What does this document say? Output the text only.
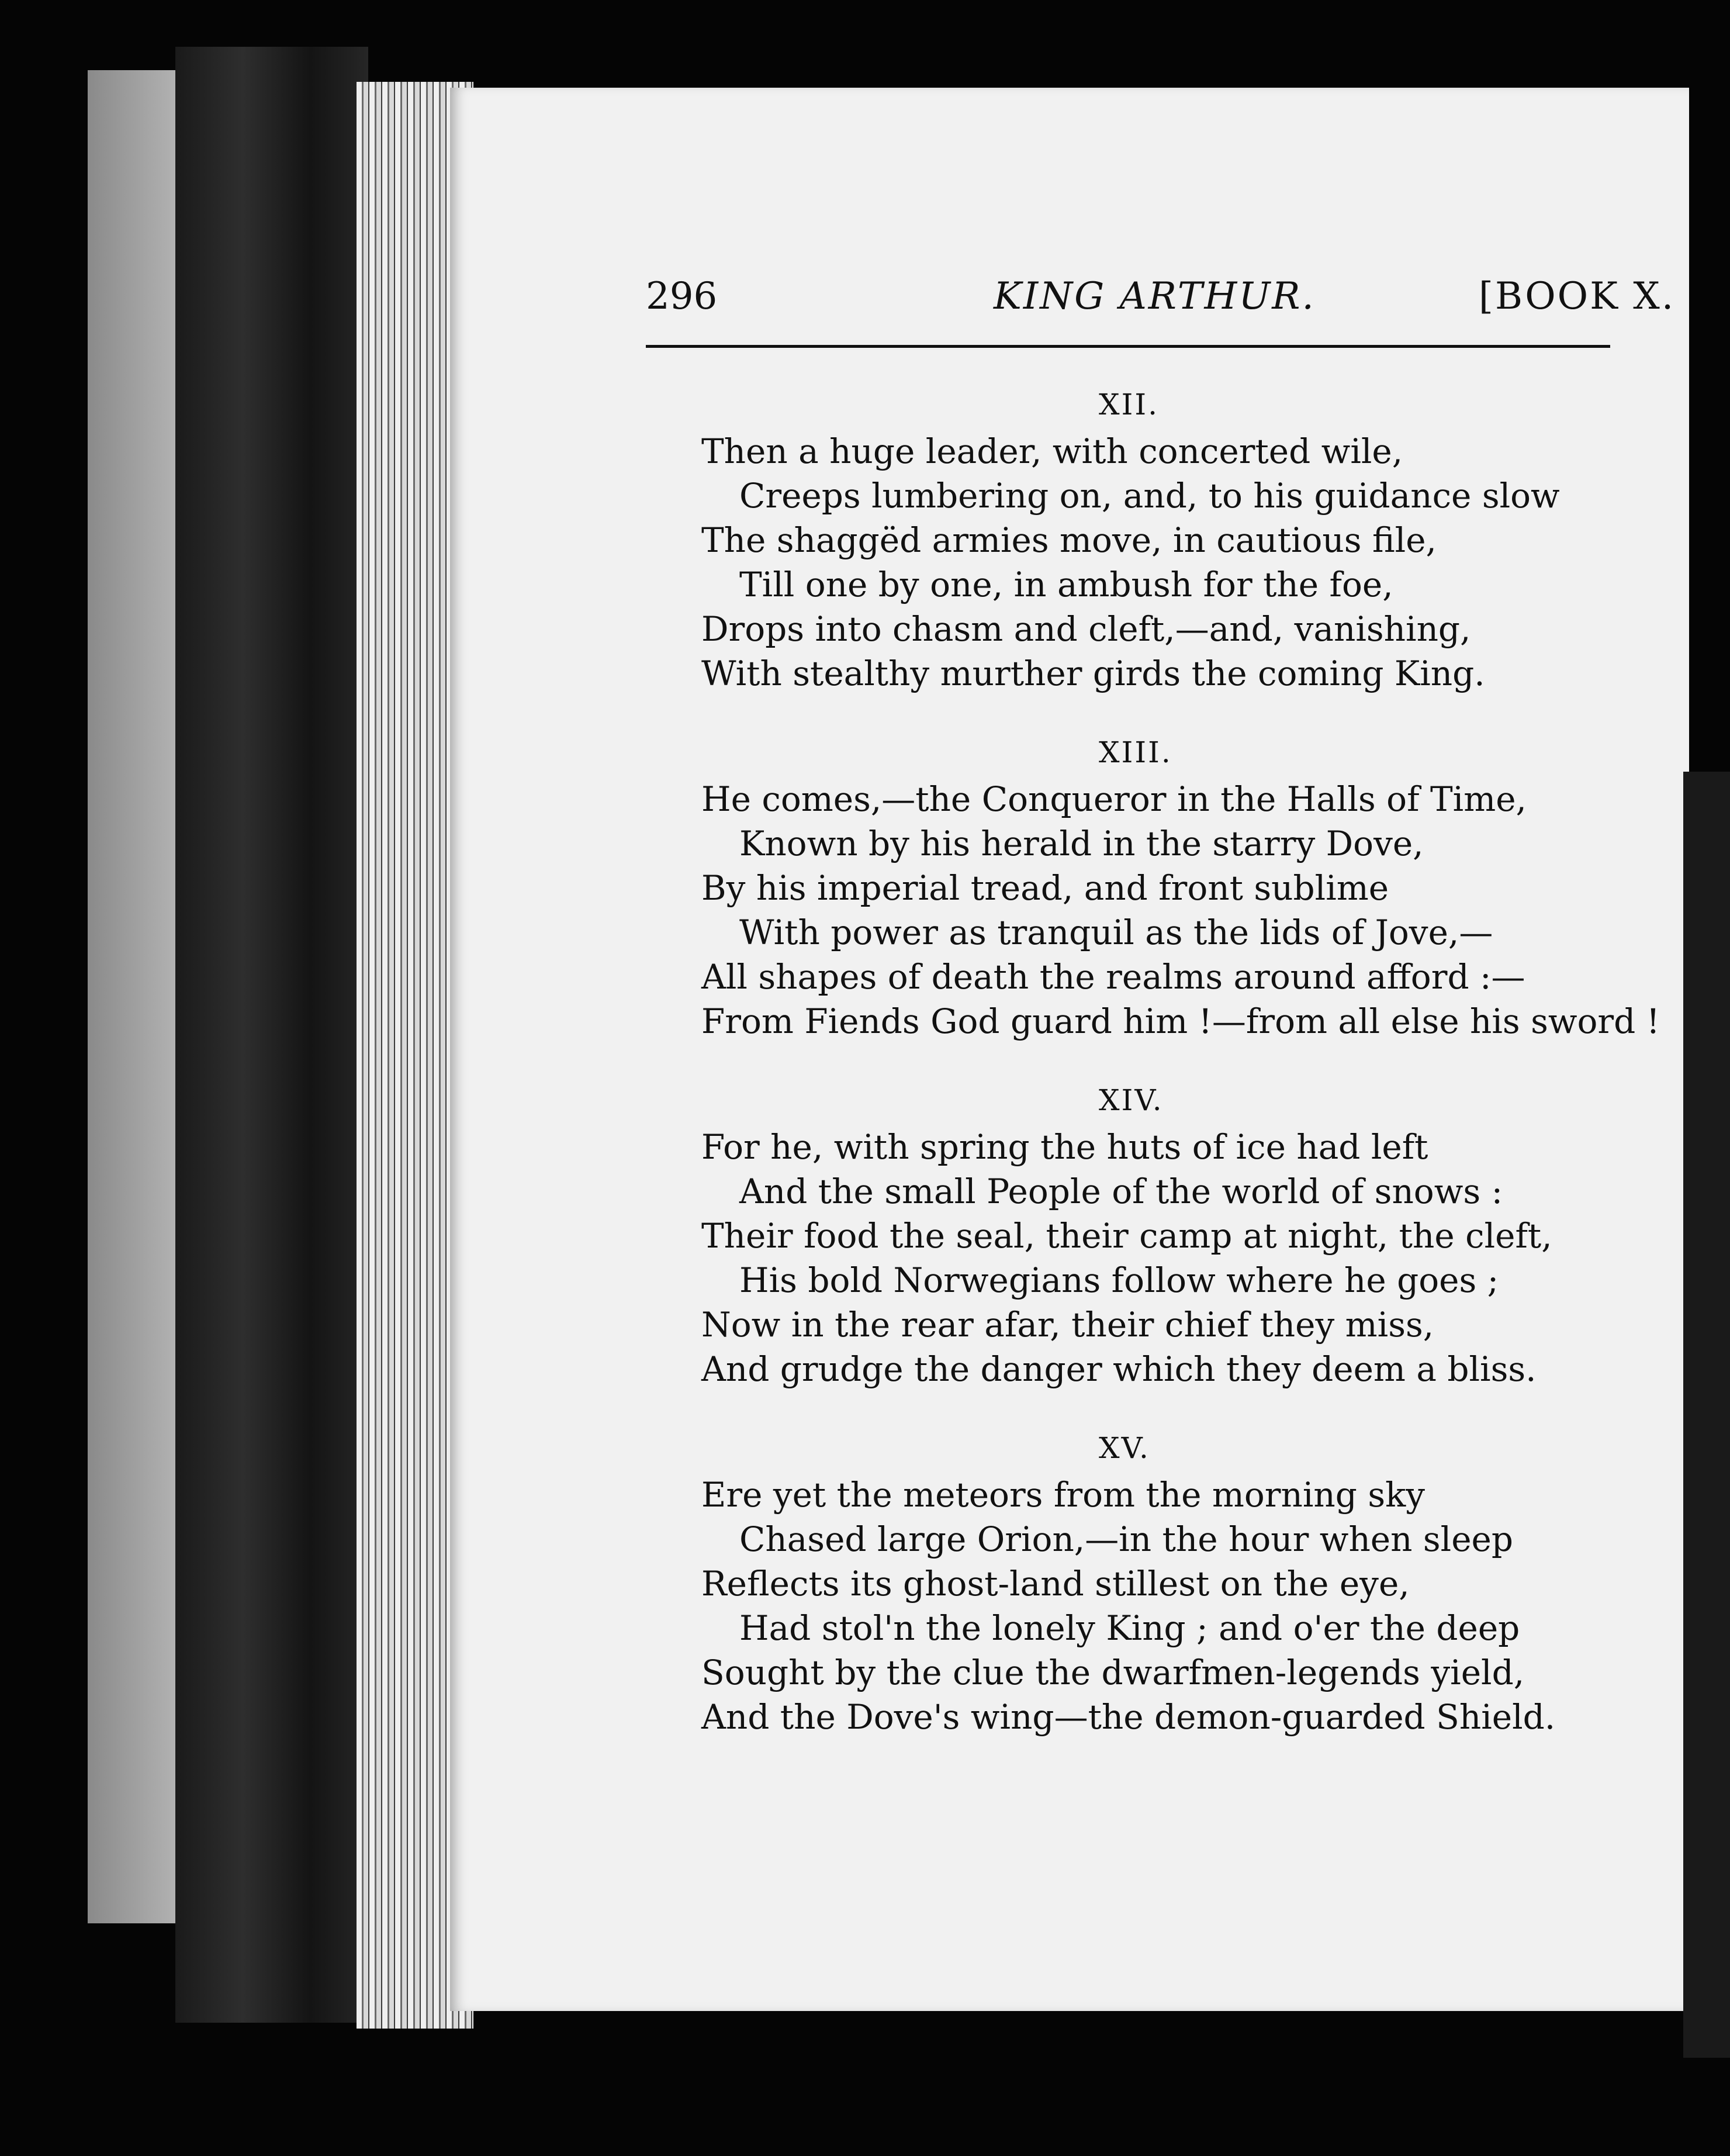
296	KING ARTHUR.	[BOOK X.
XII.
Then a huge leader, with concerted wile,
Creeps lumbering on, and, to his guidance slow
The shaggëd armies move, in cautious file,
Till one by one, in ambush for the foe,
Drops into chasm and cleft,—and, vanishing,
With stealthy murther girds the coming King.
XIII.
He comes,—the Conqueror in the Halls of Time,
Known by his herald in the starry Dove,
By his imperial tread, and front sublime
With power as tranquil as the lids of Jove,—
All shapes of death the realms around afford :—
From Fiends God guard him !—from all else his sword !
XIV.
For he, with spring the huts of ice had left
And the small People of the world of snows :
Their food the seal, their camp at night, the cleft,
His bold Norwegians follow where he goes ;
Now in the rear afar, their chief they miss,
And grudge the danger which they deem a bliss.
XV.
Ere yet the meteors from the morning sky
Chased large Orion,—in the hour when sleep
Reflects its ghost-land stillest on the eye,
Had stol'n the lonely King ; and o'er the deep
Sought by the clue the dwarfmen-legends yield,
And the Dove's wing—the demon-guarded Shield.
